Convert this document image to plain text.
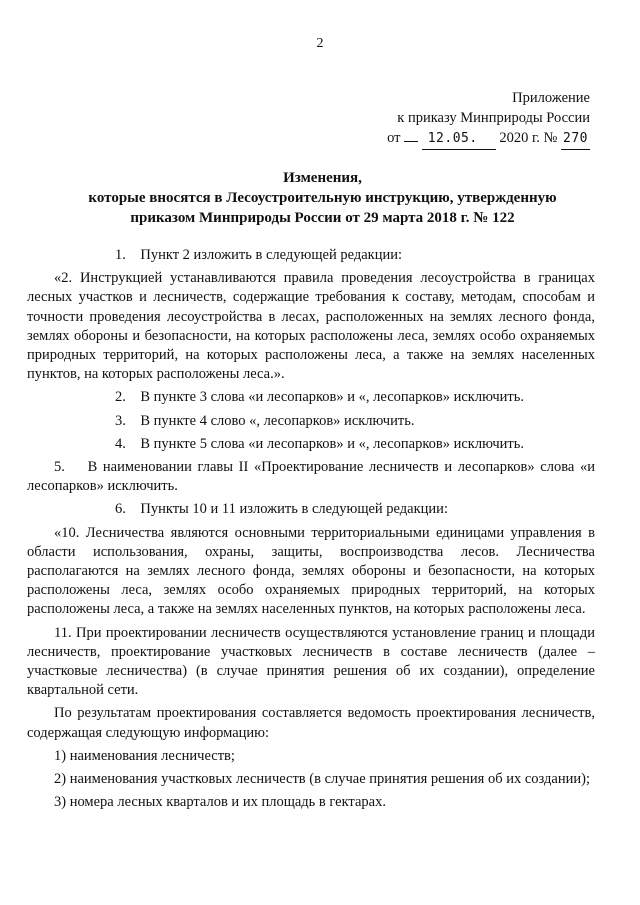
2
Приложение
к приказу Минприроды России
от 12.05. 2020 г. № 270
Изменения,
которые вносятся в Лесоустроительную инструкцию, утвержденную
приказом Минприроды России от 29 марта 2018 г. № 122

1.    Пункт 2 изложить в следующей редакции:

«2. Инструкцией устанавливаются правила проведения лесоустройства в границах лесных участков и лесничеств, содержащие требования к составу, методам, способам и точности проведения лесоустройства в лесах, расположенных на землях лесного фонда, землях обороны и безопасности, на которых расположены леса, землях особо охраняемых природных территорий, на которых расположены леса, а также на землях населенных пунктов, на которых расположены леса.».

2.    В пункте 3 слова «и лесопарков» и «, лесопарков» исключить.

3.    В пункте 4 слово «, лесопарков» исключить.

4.    В пункте 5 слова «и лесопарков» и «, лесопарков» исключить.

5.    В наименовании главы II «Проектирование лесничеств и лесопарков» слова «и лесопарков» исключить.

6.    Пункты 10 и 11 изложить в следующей редакции:

«10. Лесничества являются основными территориальными единицами управления в области использования, охраны, защиты, воспроизводства лесов. Лесничества располагаются на землях лесного фонда, землях обороны и безопасности, на которых расположены леса, землях особо охраняемых природных территорий, на которых расположены леса, а также на землях населенных пунктов, на которых расположены леса.

11. При проектировании лесничеств осуществляются установление границ и площади лесничеств, проектирование участковых лесничеств в составе лесничеств (далее – участковые лесничества) (в случае принятия решения об их создании), определение квартальной сети.

По результатам проектирования составляется ведомость проектирования лесничеств, содержащая следующую информацию:

1) наименования лесничеств;

2) наименования участковых лесничеств (в случае принятия решения об их создании);

3) номера лесных кварталов и их площадь в гектарах.
